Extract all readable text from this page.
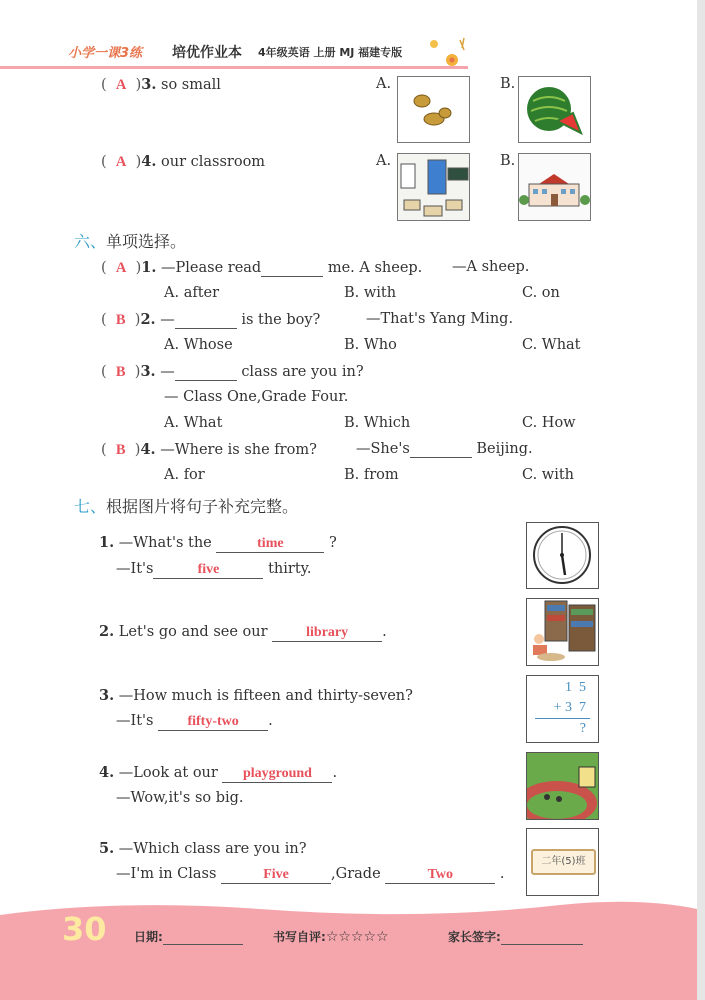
小学一课3练 培优作业本 4年级英语 上册 MJ 福建专版
( A )3. so small	A.	B.
( A )4. our classroom	A.	B.
六、单项选择。
( A )1. —Please read	me. A sheep. —A sheep.
A. after	B. with	C. on
( B )2. —	is the boy?	—That's Yang Ming.
A. Whose	B. Who	C. What
( B )3. —	class are you in?
— Class One,Grade Four.
A. What	B. Which	C. How
( B )4. —Where is she from?	—She's	Beijing.
A. for	B. from	C. with
七、根据图片将句子补充完整。
1. —What's the	time	?
—It's	five	thirty.
2. Let's go and see our	library .
3. —How much is fifteen and thirty-seven?
—It's fifty-two .
1  5
+ 3  7
?
4. —Look at our playground .
—Wow,it's so big.
5. —Which class are you in?
—I'm in Class	Five	,Grade	Two	.
二年(5)班
30 日期:	书写自评:☆☆☆☆☆	家长签字:
